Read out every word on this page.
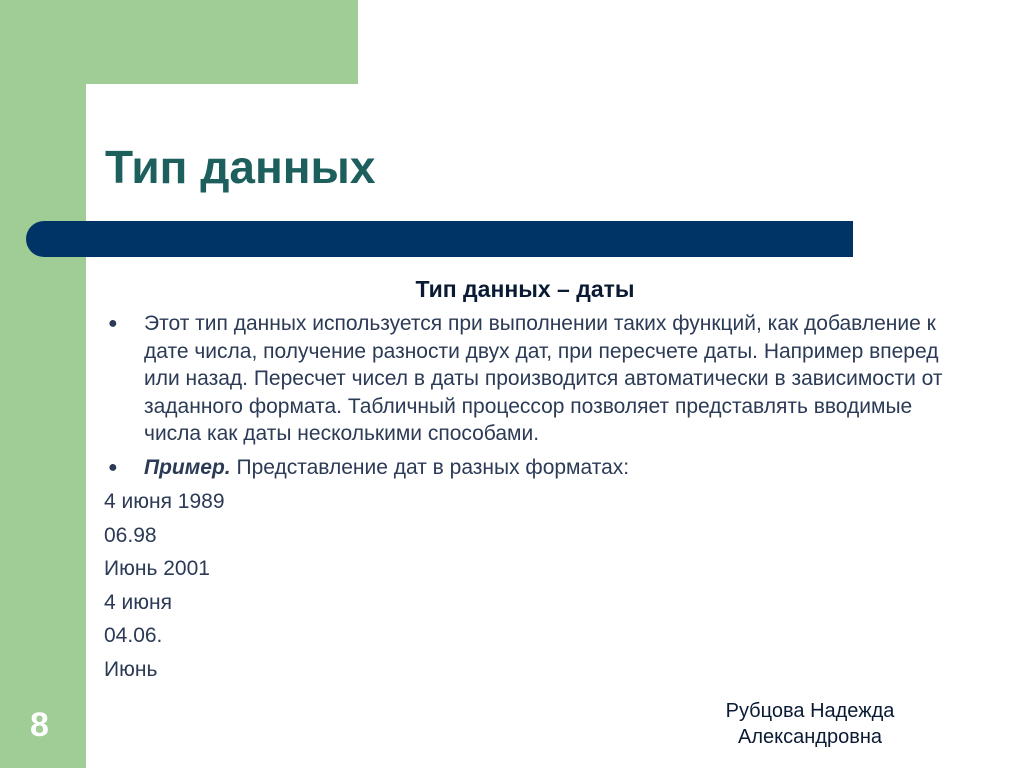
Тип данных
Тип данных – даты
● Этот тип данных используется при выполнении таких функций, как добавление к дате числа, получение разности двух дат, при пересчете даты. Например вперед или назад. Пересчет чисел в даты производится автоматически в зависимости от заданного формата. Табличный процессор позволяет представлять вводимые числа как даты несколькими способами.
● Пример. Представление дат в разных форматах:
4 июня 1989
06.98
Июнь 2001
4 июня
04.06.
Июнь
8	Рубцова Надежда
Александровна
